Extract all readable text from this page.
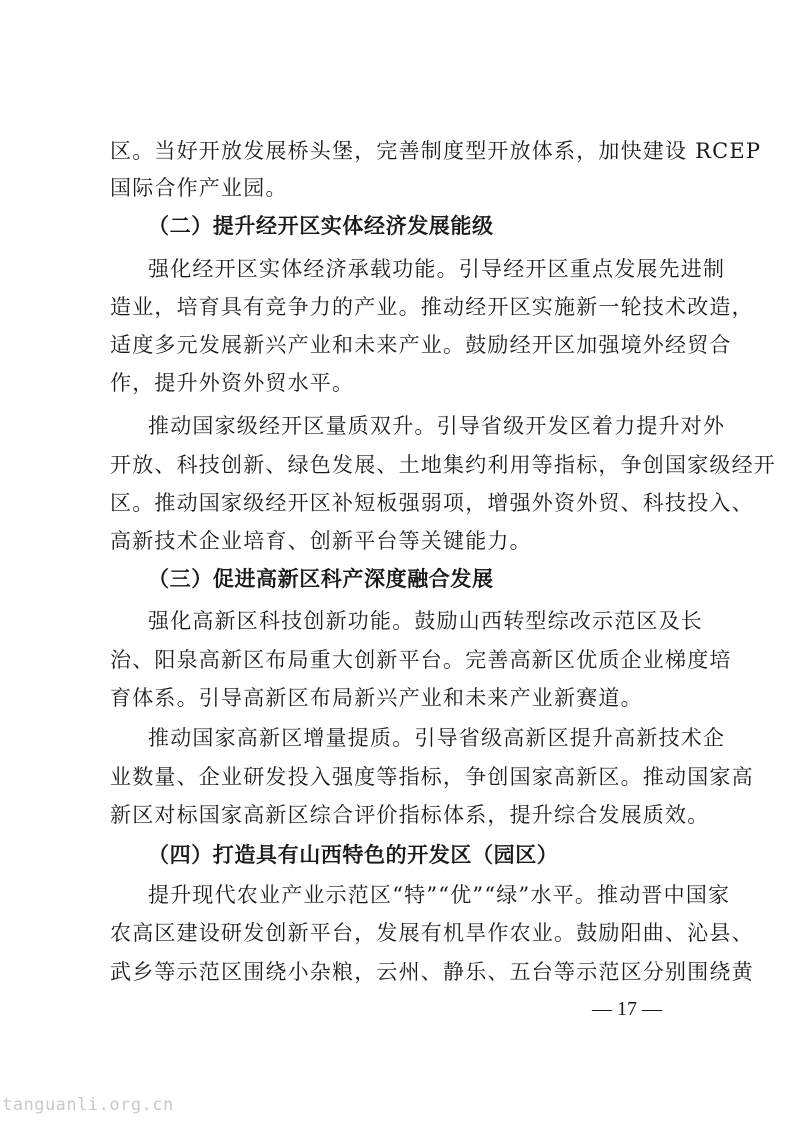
区。当好开放发展桥头堡，完善制度型开放体系，加快建设 RCEP
国际合作产业园。
（二）提升经开区实体经济发展能级
强化经开区实体经济承载功能。引导经开区重点发展先进制
造业，培育具有竞争力的产业。推动经开区实施新一轮技术改造，
适度多元发展新兴产业和未来产业。鼓励经开区加强境外经贸合
作，提升外资外贸水平。
推动国家级经开区量质双升。引导省级开发区着力提升对外
开放、科技创新、绿色发展、土地集约利用等指标，争创国家级经开
区。推动国家级经开区补短板强弱项，增强外资外贸、科技投入、
高新技术企业培育、创新平台等关键能力。
（三）促进高新区科产深度融合发展
强化高新区科技创新功能。鼓励山西转型综改示范区及长
治、阳泉高新区布局重大创新平台。完善高新区优质企业梯度培
育体系。引导高新区布局新兴产业和未来产业新赛道。
推动国家高新区增量提质。引导省级高新区提升高新技术企
业数量、企业研发投入强度等指标，争创国家高新区。推动国家高
新区对标国家高新区综合评价指标体系，提升综合发展质效。
（四）打造具有山西特色的开发区（园区）
提升现代农业产业示范区“特”“优”“绿”水平。推动晋中国家
农高区建设研发创新平台，发展有机旱作农业。鼓励阳曲、沁县、
武乡等示范区围绕小杂粮，云州、静乐、五台等示范区分别围绕黄
— 17 —
tanguanli.org.cn
